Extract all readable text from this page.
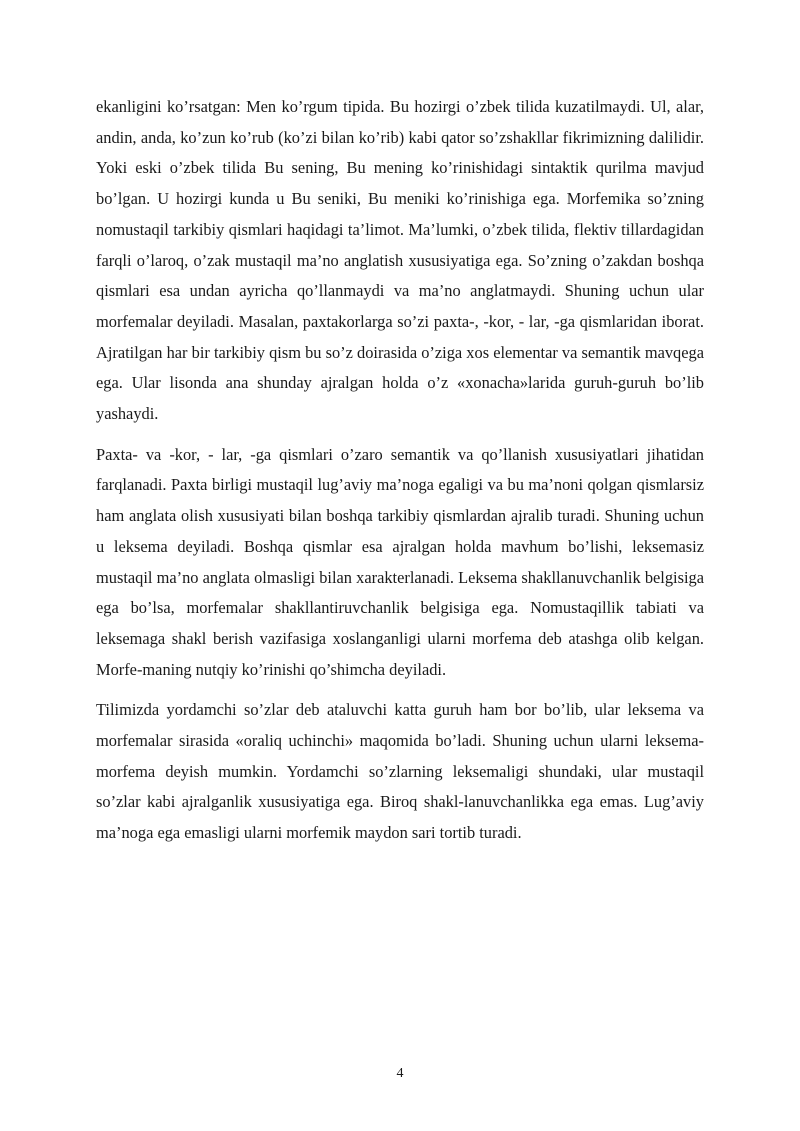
ekanligini ko’rsatgan: Men ko’rgum tipida. Bu hozirgi o’zbek tilida kuzatilmaydi. Ul, alar, andin, anda, ko’zun ko’rub (ko’zi bilan ko’rib) kabi qator so’zshakllar fikrimizning dalilidir. Yoki eski o’zbek tilida Bu sening, Bu mening ko’rinishidagi sintaktik qurilma mavjud bo’lgan. U hozirgi kunda u Bu seniki, Bu meniki ko’rinishiga ega. Morfemika so’zning nomustaqil tarkibiy qismlari haqidagi ta’limot. Ma’lumki, o’zbek tilida, flektiv tillardagidan farqli o’laroq, o’zak mustaqil ma’no anglatish xususiyatiga ega. So’zning o’zakdan boshqa qismlari esa undan ayricha qo’llanmaydi va ma’no anglatmaydi. Shuning uchun ular morfemalar deyiladi. Masalan, paxtakorlarga so’zi paxta-, -kor, - lar, -ga qismlaridan iborat. Ajratilgan har bir tarkibiy qism bu so’z doirasida o’ziga xos elementar va semantik mavqega ega. Ular lisonda ana shunday ajralgan holda o’z «xonacha»larida guruh-guruh bo’lib yashaydi.

Paxta- va -kor, - lar, -ga qismlari o’zaro semantik va qo’llanish xususiyatlari jihatidan farqlanadi. Paxta birligi mustaqil lug’aviy ma’noga egaligi va bu ma’noni qolgan qismlarsiz ham anglata olish xususiyati bilan boshqa tarkibiy qismlardan ajralib turadi. Shuning uchun u leksema deyiladi. Boshqa qismlar esa ajralgan holda mavhum bo’lishi, leksemasiz mustaqil ma’no anglata olmasligi bilan xarakterlanadi. Leksema shakllanuvchanlik belgisiga ega bo’lsa, morfemalar shakllantiruvchanlik belgisiga ega. Nomustaqillik tabiati va leksemaga shakl berish vazifasiga xoslanganligi ularni morfema deb atashga olib kelgan. Morfe-maning nutqiy ko’rinishi qo’shimcha deyiladi.

Tilimizda yordamchi so’zlar deb ataluvchi katta guruh ham bor bo’lib, ular leksema va morfemalar sirasida «oraliq uchinchi» maqomida bo’ladi. Shuning uchun ularni leksema-morfema deyish mumkin. Yordamchi so’zlarning leksemaligi shundaki, ular mustaqil so’zlar kabi ajralganlik xususiyatiga ega. Biroq shakl-lanuvchanlikka ega emas. Lug’aviy ma’noga ega emasligi ularni morfemik maydon sari tortib turadi.

4
